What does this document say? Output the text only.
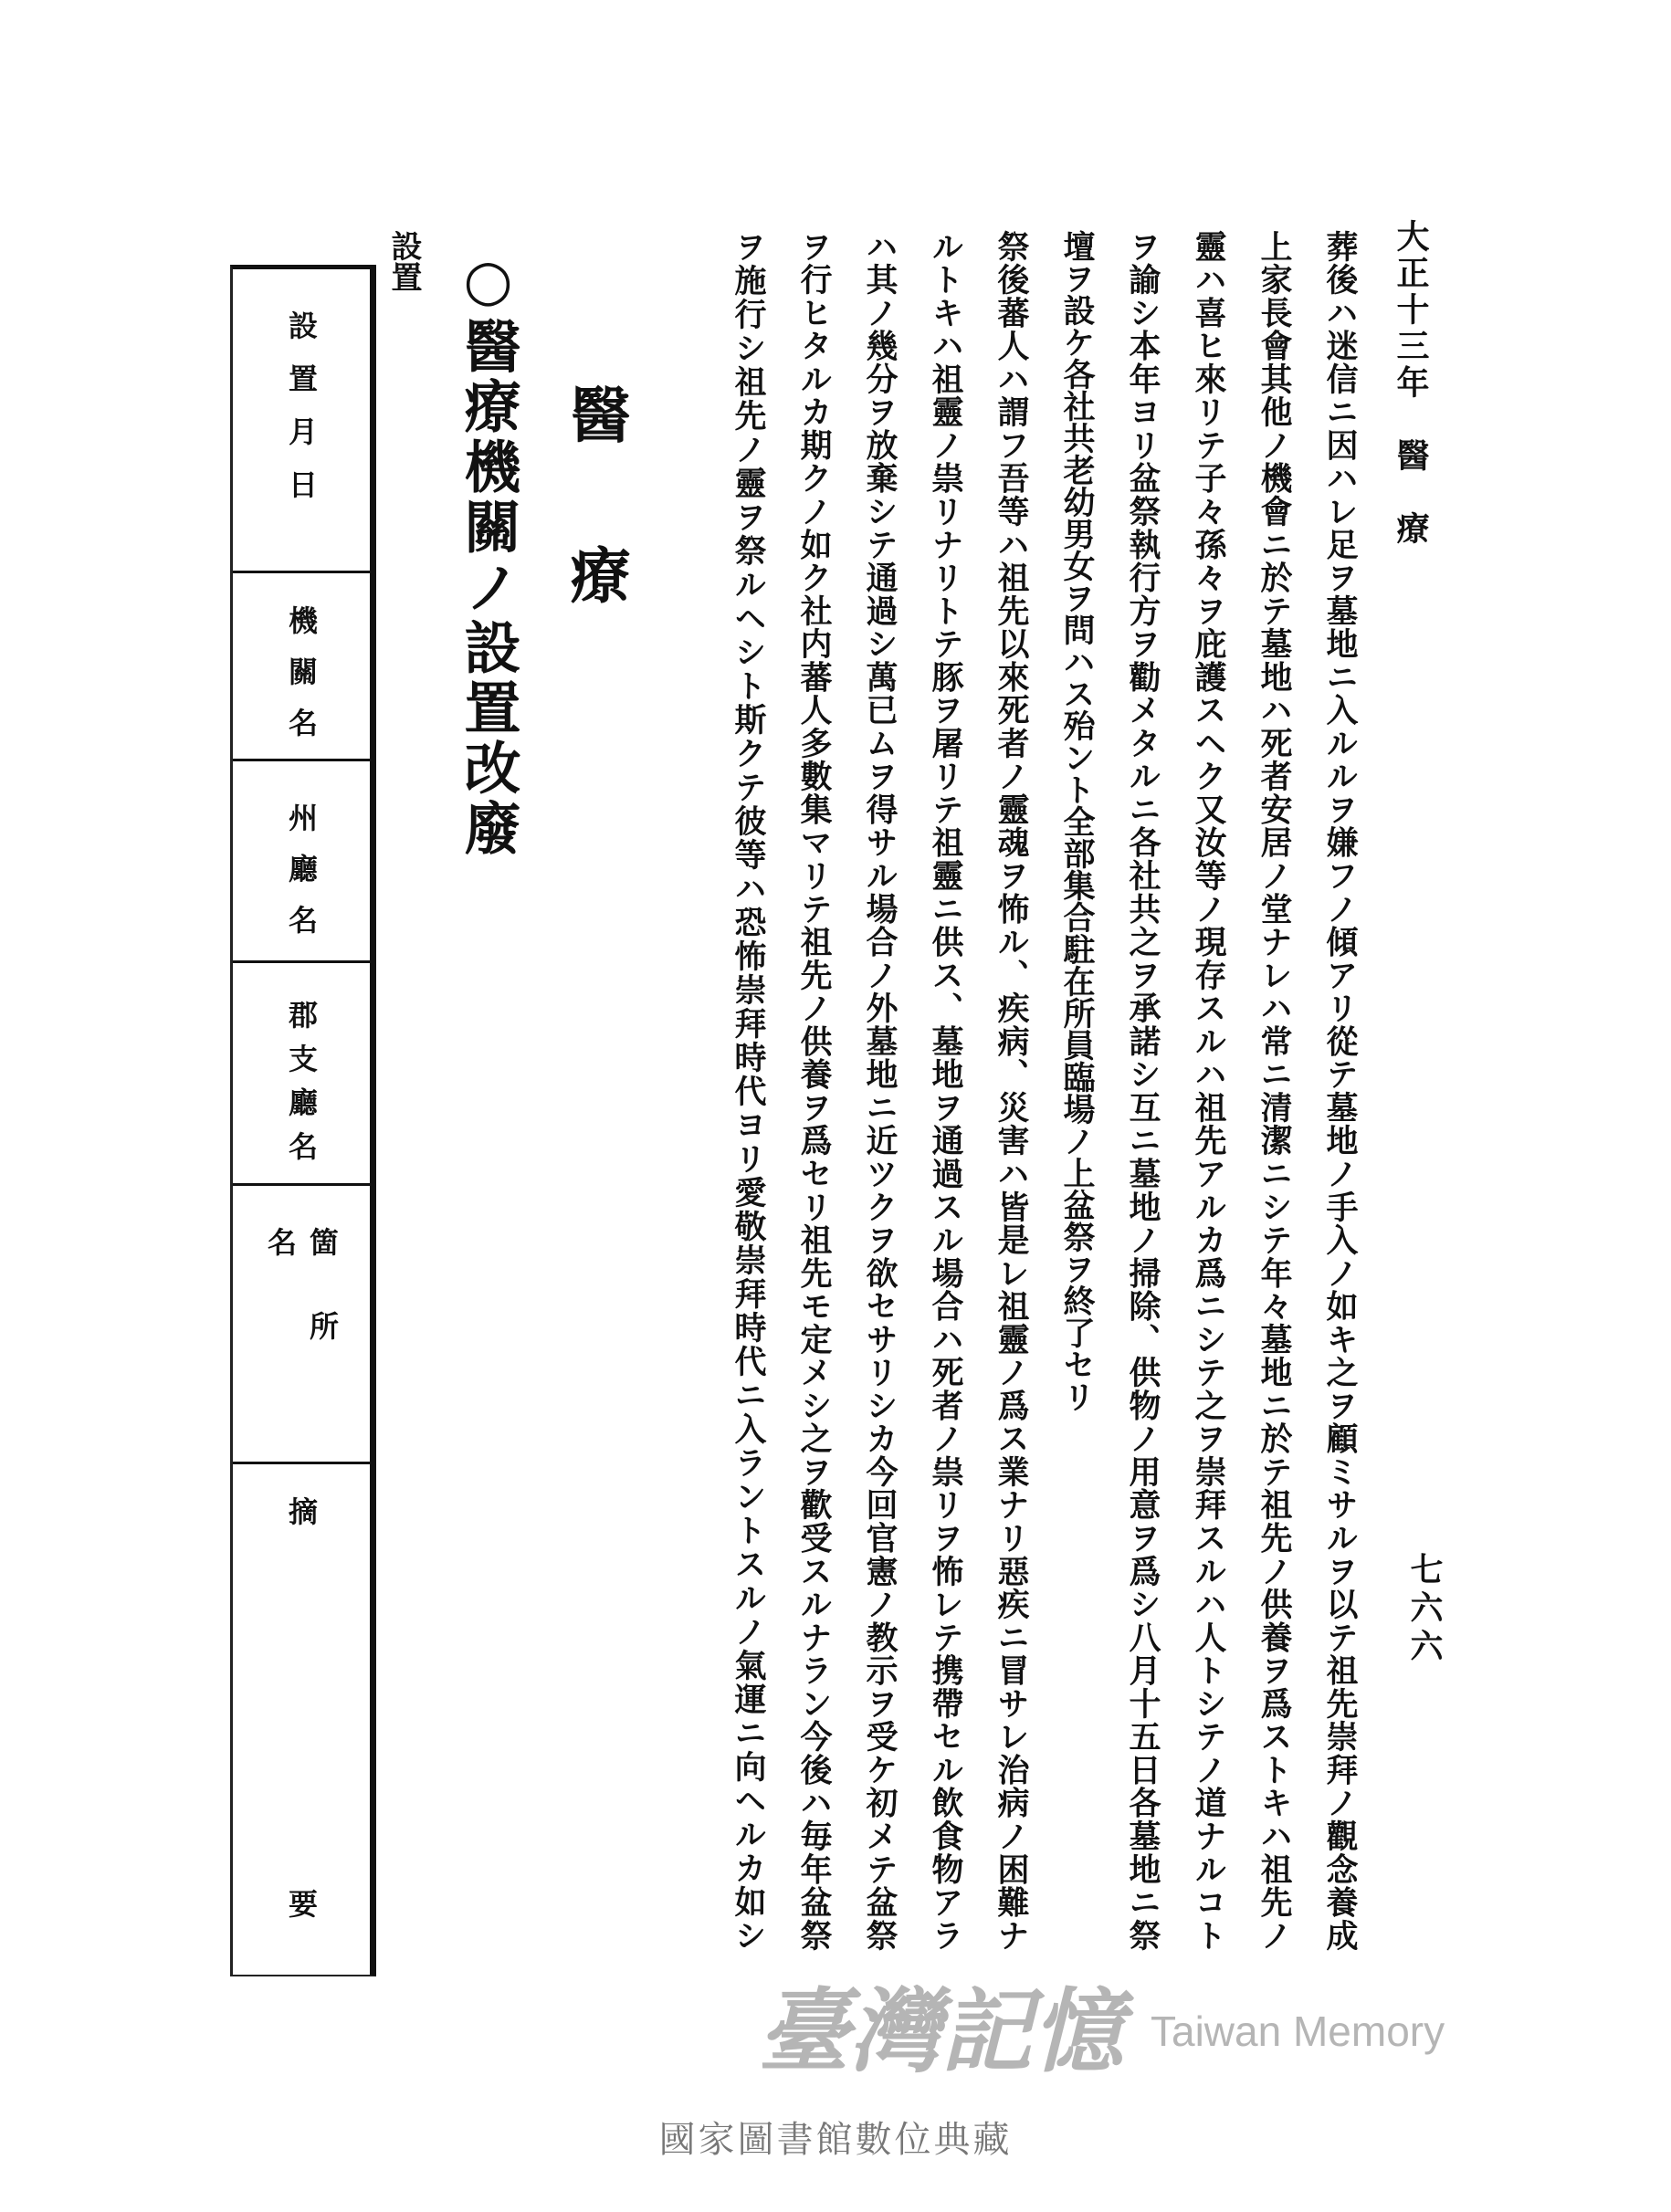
大正十三年醫　療
七六六
葬後ハ迷信ニ因ハレ足ヲ墓地ニ入ルルヲ嫌フノ傾アリ從テ墓地ノ手入ノ如キ之ヲ顧ミサルヲ以テ祖先崇拜ノ觀念養成
上家長會其他ノ機會ニ於テ墓地ハ死者安居ノ堂ナレハ常ニ清潔ニシテ年々墓地ニ於テ祖先ノ供養ヲ爲ストキハ祖先ノ
靈ハ喜ヒ來リテ子々孫々ヲ庇護スヘク又汝等ノ現存スルハ祖先アルカ爲ニシテ之ヲ崇拜スルハ人トシテノ道ナルコト
ヲ諭シ本年ヨリ盆祭執行方ヲ勸メタルニ各社共之ヲ承諾シ互ニ墓地ノ掃除、供物ノ用意ヲ爲シ八月十五日各墓地ニ祭
壇ヲ設ケ各社共老幼男女ヲ問ハス殆ント全部集合駐在所員臨場ノ上盆祭ヲ終了セリ
祭後蕃人ハ謂フ吾等ハ祖先以來死者ノ靈魂ヲ怖ル、疾病、災害ハ皆是レ祖靈ノ爲ス業ナリ惡疾ニ冒サレ治病ノ困難ナ
ルトキハ祖靈ノ祟リナリトテ豚ヲ屠リテ祖靈ニ供ス、墓地ヲ通過スル場合ハ死者ノ祟リヲ怖レテ携帶セル飲食物アラ
ハ其ノ幾分ヲ放棄シテ通過シ萬已ムヲ得サル場合ノ外墓地ニ近ツクヲ欲セサリシカ今回官憲ノ教示ヲ受ケ初メテ盆祭
ヲ行ヒタルカ期クノ如ク社内蕃人多數集マリテ祖先ノ供養ヲ爲セリ祖先モ定メシ之ヲ歡受スルナラン今後ハ毎年盆祭
ヲ施行シ祖先ノ靈ヲ祭ルヘシト斯クテ彼等ハ恐怖崇拜時代ヨリ愛敬崇拜時代ニ入ラントスルノ氣運ニ向ヘルカ如シ
醫療
○醫療機關ノ設置改廢
設置
設置月日
機關名
州廳名
郡支廳名
箇所名
摘　　　　　　　　　要
臺灣記憶 Taiwan Memory
國家圖書館數位典藏
